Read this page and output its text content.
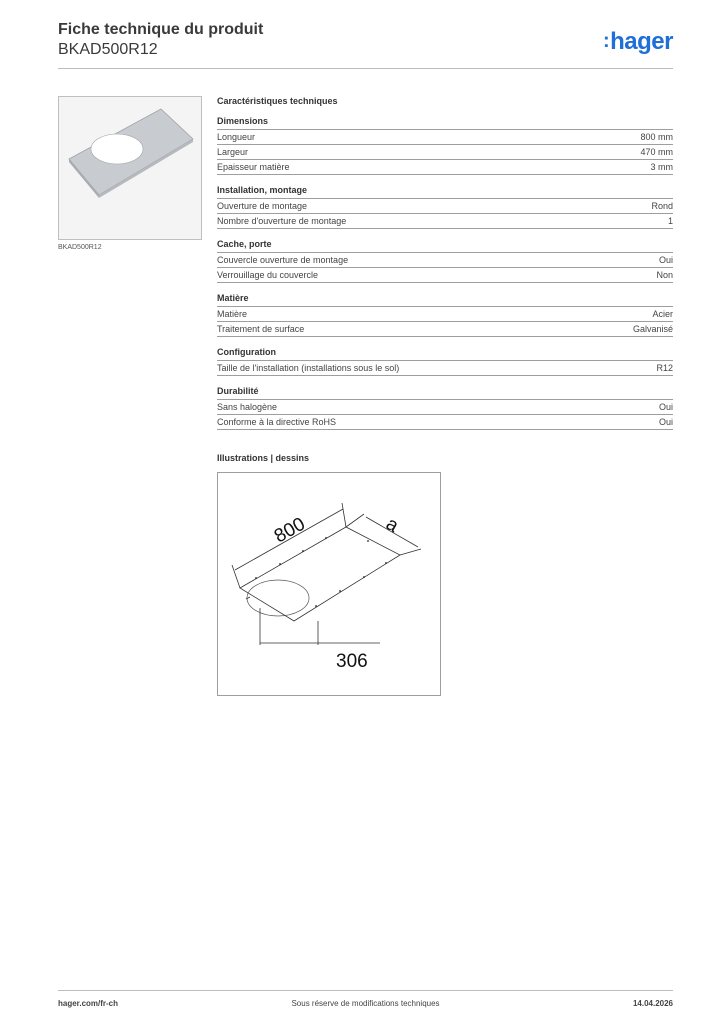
Fiche technique du produit
BKAD500R12	:hager
BKAD500R12
Caractéristiques techniques
Dimensions
Longueur	800 mm
Largeur	470 mm
Epaisseur matière	3 mm
Installation, montage
Ouverture de montage	Rond
Nombre d'ouverture de montage	1
Cache, porte
Couvercle ouverture de montage	Oui
Verrouillage du couvercle	Non
Matière
Matière	Acier
Traitement de surface	Galvanisé
Configuration
Taille de l'installation (installations sous le sol)	R12
Durabilité
Sans halogène	Oui
Conforme à la directive RoHS	Oui
Illustrations | dessins
800	a
306
hager.com/fr-ch	Sous réserve de modifications techniques	14.04.2026
